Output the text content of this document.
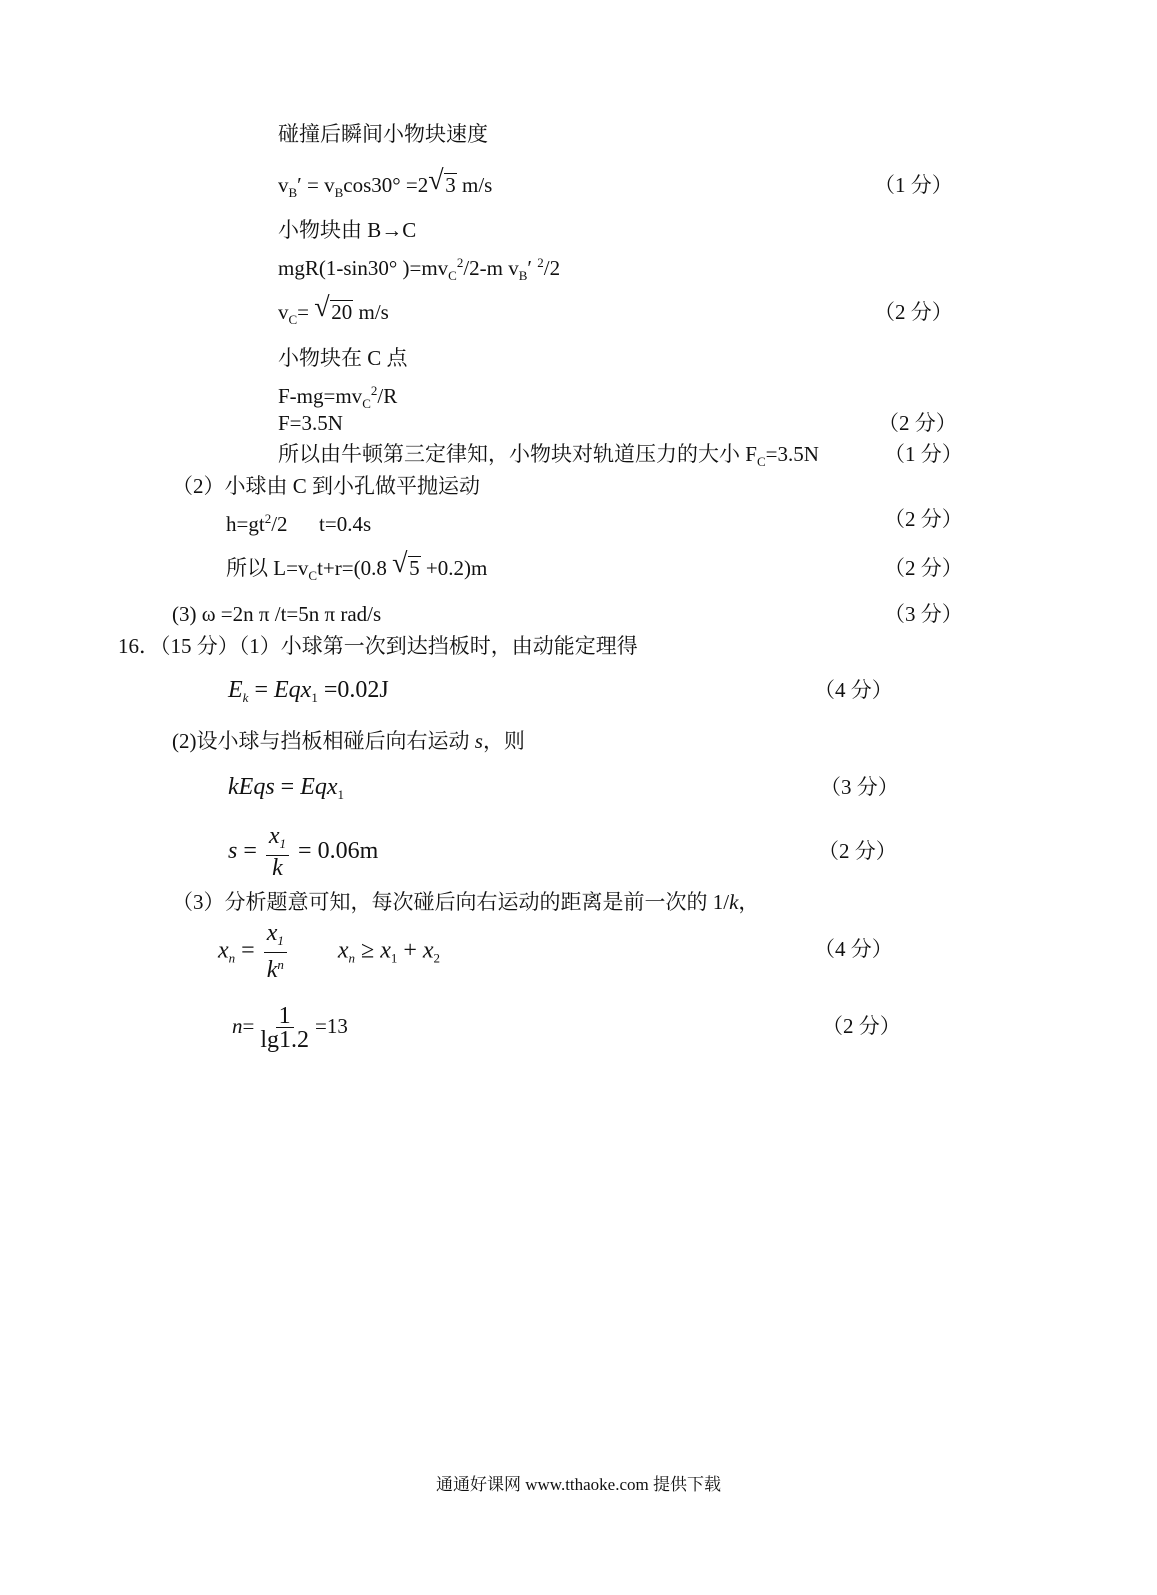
碰撞后瞬间小物块速度
$v_B' = v_B\cos 30^\circ =2$ √ 3 m/s	（1 分）
小物块由 B→C
mgR(1-sin30° )$=mv_C^2/2-m$ $v_B'$ $^2$/2
$v_C=$ √ 20 m/s	（2 分）
小物块在 C 点
$F-mg=mv_C^2/R$
F=3.5N	（2 分）
所以由牛顿第三定律知，小物块对轨道压力的大小 $F_C=3.5N$	（1 分）
（2）小球由 C 到小孔做平抛运动
$h=gt^2/2$      t=0.4s	（2 分）
所以 $L=v_Ct+r=(0.8$ √ 5 +0.2)m	（2 分）
(3) ω =2n π /t=5n π rad/s	（3 分）
16．（15 分）（1）小球第一次到达挡板时，由动能定理得
$E_k = Eqx_1 =0.02J$	（4 分）
(2)设小球与挡板相碰后向右运动 s，则
kEqs = Eqx$_1$	（3 分）
$s = \frac{x_1}{k} = 0.06m$	（2 分）
（3）分析题意可知，每次碰后向右运动的距离是前一次的 1/k，
$x_n = \frac{x_1}{k^n} x_n \ge x_1 + x_2$	（4 分）
$n= \frac{1}{\lg 1.2} =13$	（2 分）
通通好课网 www.tthaoke.com 提供下载
